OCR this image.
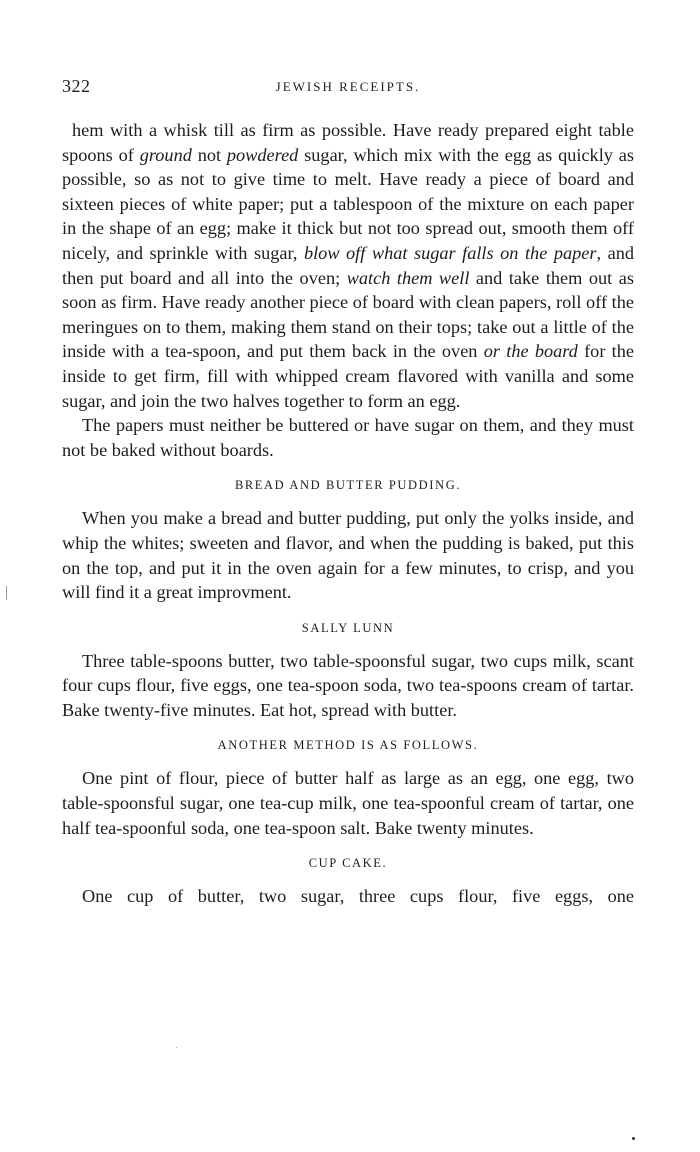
322	JEWISH RECEIPTS.

hem with a whisk till as firm as possible. Have ready prepared eight table spoons of ground not powdered sugar, which mix with the egg as quickly as possible, so as not to give time to melt. Have ready a piece of board and sixteen pieces of white paper; put a tablespoon of the mixture on each paper in the shape of an egg; make it thick but not too spread out, smooth them off nicely, and sprinkle with sugar, blow off what sugar falls on the paper, and then put board and all into the oven; watch them well and take them out as soon as firm. Have ready another piece of board with clean papers, roll off the meringues on to them, making them stand on their tops; take out a little of the inside with a tea-spoon, and put them back in the oven or the board for the inside to get firm, fill with whipped cream flavored with vanilla and some sugar, and join the two halves together to form an egg.

The papers must neither be buttered or have sugar on them, and they must not be baked without boards.

BREAD AND BUTTER PUDDING.

When you make a bread and butter pudding, put only the yolks inside, and whip the whites; sweeten and flavor, and when the pudding is baked, put this on the top, and put it in the oven again for a few minutes, to crisp, and you will find it a great improvment.

SALLY LUNN

Three table-spoons butter, two table-spoonsful sugar, two cups milk, scant four cups flour, five eggs, one tea-spoon soda, two tea-spoons cream of tartar. Bake twenty-five minutes. Eat hot, spread with butter.

ANOTHER METHOD IS AS FOLLOWS.

One pint of flour, piece of butter half as large as an egg, one egg, two table-spoonsful sugar, one tea-cup milk, one tea-spoonful cream of tartar, one half tea-spoonful soda, one tea-spoon salt. Bake twenty minutes.

CUP CAKE.

One cup of butter, two sugar, three cups flour, five eggs, one
